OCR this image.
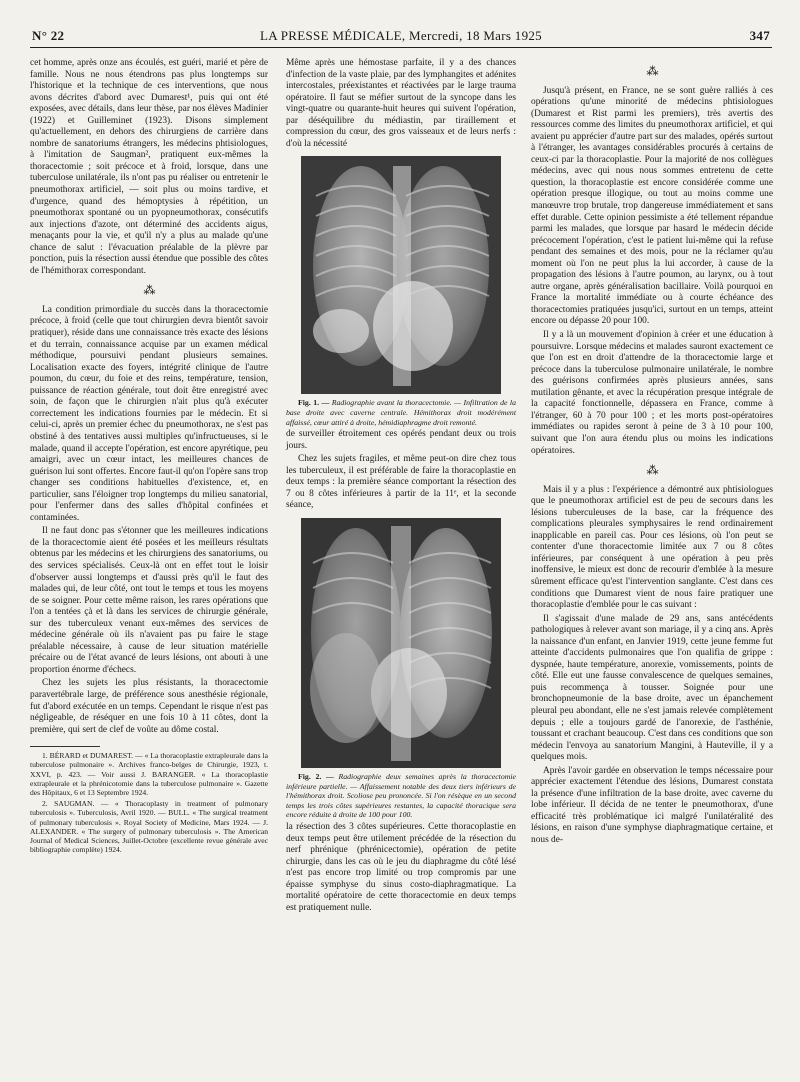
N° 22	LA PRESSE MÉDICALE, Mercredi, 18 Mars 1925	347

cet homme, après onze ans écoulés, est guéri, marié et père de famille. Nous ne nous étendrons pas plus longtemps sur l'historique et la technique de ces interventions, que nous avons décrites d'abord avec Dumarest¹, puis qui ont été exposées, avec détails, dans leur thèse, par nos élèves Madinier (1922) et Guilleminet (1923). Disons simplement qu'actuellement, en dehors des chirurgiens de carrière dans nombre de sanatoriums étrangers, les médecins phtisiologues, à l'imitation de Saugman², pratiquent eux-mêmes la thoracectomie ; soit précoce et à froid, lorsque, dans une tuberculose unilatérale, ils n'ont pas pu réaliser ou entretenir le pneumothorax artificiel, — soit plus ou moins tardive, et d'urgence, quand des hémoptysies à répétition, un pneumothorax spontané ou un pyopneumothorax, consécutifs aux injections d'azote, ont déterminé des accidents aigus, menaçants pour la vie, et qu'il n'y a plus au malade qu'une chance de salut : l'évacuation préalable de la plèvre par ponction, puis la résection aussi étendue que possible des côtes de l'hémithorax correspondant.

⁂

La condition primordiale du succès dans la thoracectomie précoce, à froid (celle que tout chirurgien devra bientôt savoir pratiquer), réside dans une connaissance très exacte des lésions et du terrain, connaissance acquise par un examen médical méthodique, poursuivi pendant plusieurs semaines. Localisation exacte des foyers, intégrité clinique de l'autre poumon, du cœur, du foie et des reins, température, tension, puissance de réaction générale, tout doit être enregistré avec soin, de façon que le chirurgien n'ait plus qu'à exécuter correctement les indications fournies par le médecin. Et si celui-ci, après un premier échec du pneumothorax, ne s'est pas obstiné à des tentatives aussi multiples qu'infructueuses, si le malade, quand il accepte l'opération, est encore apyrétique, peu amaigri, avec un cœur intact, les meilleures chances de guérison lui sont offertes. Encore faut-il qu'on l'opère sans trop changer ses conditions habituelles d'existence, et, en particulier, sans l'éloigner trop longtemps du milieu sanatorial, pour l'enfermer dans des salles d'hôpital confinées et contaminées.

Il ne faut donc pas s'étonner que les meilleures indications de la thoracectomie aient été posées et les meilleurs résultats obtenus par les médecins et les chirurgiens des sanatoriums, ou des services spécialisés. Ceux-là ont en effet tout le loisir d'observer aussi longtemps et d'aussi près qu'il le faut des malades qui, de leur côté, ont tout le temps et tous les moyens de se soigner. Pour cette même raison, les rares opérations que l'on a tentées çà et là dans les services de chirurgie générale, sur des tuberculeux venant eux-mêmes des services de médecine générale où ils n'avaient pas pu faire le stage préalable nécessaire, à cause de leur situation matérielle précaire ou de l'état avancé de leurs lésions, ont abouti à une proportion énorme d'échecs.

Chez les sujets les plus résistants, la thoracectomie paravertébrale large, de préférence sous anesthésie régionale, fut d'abord exécutée en un temps. Cependant le risque n'est pas négligeable, de réséquer en une fois 10 à 11 côtes, dont la première, qui sert de clef de voûte au dôme costal.

1. BÉRARD et DUMAREST. — « La thoracoplastie extrapleurale dans la tuberculose pulmonaire ». Archives franco-belges de Chirurgie, 1923, t. XXVI, p. 423. — Voir aussi J. BARANGER. « La thoracoplastie extrapleurale et la phrénicotomie dans la tuberculose pulmonaire ». Gazette des Hôpitaux, 6 et 13 Septembre 1924.

2. SAUGMAN. — « Thoracoplasty in treatment of pulmonary tuberculosis ». Tuberculosis, Avril 1920. — BULL. « The surgical treatment of pulmonary tuberculosis ». Royal Society of Medicine, Mars 1924. — J. ALEXANDER. « The surgery of pulmonary tuberculosis ». The American Journal of Medical Sciences, Juillet-Octobre (excellente revue générale avec bibliographie complète) 1924.

Même après une hémostase parfaite, il y a des chances d'infection de la vaste plaie, par des lymphangites et adénites intercostales, préexistantes et réactivées par le large trauma opératoire. Il faut se méfier surtout de la syncope dans les vingt-quatre ou quarante-huit heures qui suivent l'opération, par déséquilibre du médiastin, par tiraillement et compression du cœur, des gros vaisseaux et de leurs nerfs : d'où la nécessité

Fig. 1. — Radiographie avant la thoracectomie. — Infiltration de la base droite avec caverne centrale. Hémithorax droit modérément affaissé, cœur attiré à droite, hémidiaphragme droit remonté.

de surveiller étroitement ces opérés pendant deux ou trois jours.

Chez les sujets fragiles, et même peut-on dire chez tous les tuberculeux, il est préférable de faire la thoracoplastie en deux temps : la première séance comportant la résection des 7 ou 8 côtes inférieures à partir de la 11ᵉ, et la seconde séance,

Fig. 2. — Radiographie deux semaines après la thoracectomie inférieure partielle. — Affaissement notable des deux tiers inférieurs de l'hémithorax droit. Scoliose peu prononcée. Si l'on résèque en un second temps les trois côtes supérieures restantes, la capacité thoracique sera encore réduite à droite de 100 pour 100.

la résection des 3 côtes supérieures. Cette thoracoplastie en deux temps peut être utilement précédée de la résection du nerf phrénique (phrénicectomie), opération de petite chirurgie, dans les cas où le jeu du diaphragme du côté lésé n'est pas encore trop limité ou trop compromis par une épaisse symphyse du sinus costo-diaphragmatique. La mortalité opératoire de cette thoracectomie en deux temps est pratiquement nulle.

⁂

Jusqu'à présent, en France, ne se sont guère ralliés à ces opérations qu'une minorité de médecins phtisiologues (Dumarest et Rist parmi les premiers), très avertis des ressources comme des limites du pneumothorax artificiel, et qui avaient pu apprécier d'autre part sur des malades, opérés surtout à l'étranger, les avantages considérables procurés à certains de ceux-ci par la thoracoplastie. Pour la majorité de nos collègues médecins, avec qui nous nous sommes entretenu de cette question, la thoracoplastie est encore considérée comme une opération presque illogique, ou tout au moins comme une manœuvre trop brutale, trop dangereuse immédiatement et sans effet durable. Cette opinion pessimiste a été tellement répandue parmi les malades, que lorsque par hasard le médecin décide précocement l'opération, c'est le patient lui-même qui la refuse pendant des semaines et des mois, pour ne la réclamer qu'au moment où l'on ne peut plus la lui accorder, à cause de la propagation des lésions à l'autre poumon, au larynx, ou à tout autre organe, après généralisation bacillaire. Voilà pourquoi en France la mortalité immédiate ou à courte échéance des thoracectomies pratiquées jusqu'ici, surtout en un temps, atteint encore ou dépasse 20 pour 100.

Il y a là un mouvement d'opinion à créer et une éducation à poursuivre. Lorsque médecins et malades sauront exactement ce que l'on est en droit d'attendre de la thoracectomie large et précoce dans la tuberculose pulmonaire unilatérale, le nombre des guérisons confirmées après plusieurs années, sans mutilation gênante, et avec la récupération presque intégrale de la capacité fonctionnelle, dépassera en France, comme à l'étranger, 60 à 70 pour 100 ; et les morts post-opératoires immédiates ou rapides seront à peine de 3 à 10 pour 100, suivant que l'on aura étendu plus ou moins les indications opératoires.

⁂

Mais il y a plus : l'expérience a démontré aux phtisiologues que le pneumothorax artificiel est de peu de secours dans les lésions tuberculeuses de la base, car la fréquence des complications pleurales symphysaires le rend ordinairement inapplicable en pareil cas. Pour ces lésions, où l'on peut se contenter d'une thoracectomie limitée aux 7 ou 8 côtes inférieures, par conséquent à une opération à peu près inoffensive, le mieux est donc de recourir d'emblée à la mesure sûrement efficace qu'est l'intervention sanglante. C'est dans ces conditions que Dumarest vient de nous faire pratiquer une thoracoplastie d'emblée pour le cas suivant :

Il s'agissait d'une malade de 29 ans, sans antécédents pathologiques à relever avant son mariage, il y a cinq ans. Après la naissance d'un enfant, en Janvier 1919, cette jeune femme fut atteinte d'accidents pulmonaires que l'on qualifia de grippe : dyspnée, haute température, anorexie, vomissements, points de côté. Elle eut une fausse convalescence de quelques semaines, puis recommença à tousser. Soignée pour une bronchopneumonie de la base droite, avec un épanchement pleural peu abondant, elle ne s'est jamais relevée complètement depuis ; elle a toujours gardé de l'anorexie, de l'asthénie, toussant et crachant beaucoup. C'est dans ces conditions que son médecin l'envoya au sanatorium Mangini, à Hauteville, il y a quelques mois.

Après l'avoir gardée en observation le temps nécessaire pour apprécier exactement l'étendue des lésions, Dumarest constata la présence d'une infiltration de la base droite, avec caverne du lobe inférieur. Il décida de ne tenter le pneumothorax, d'une efficacité très problématique ici malgré l'unilatéralité des lésions, en raison d'une symphyse diaphragmatique certaine, et nous de-
